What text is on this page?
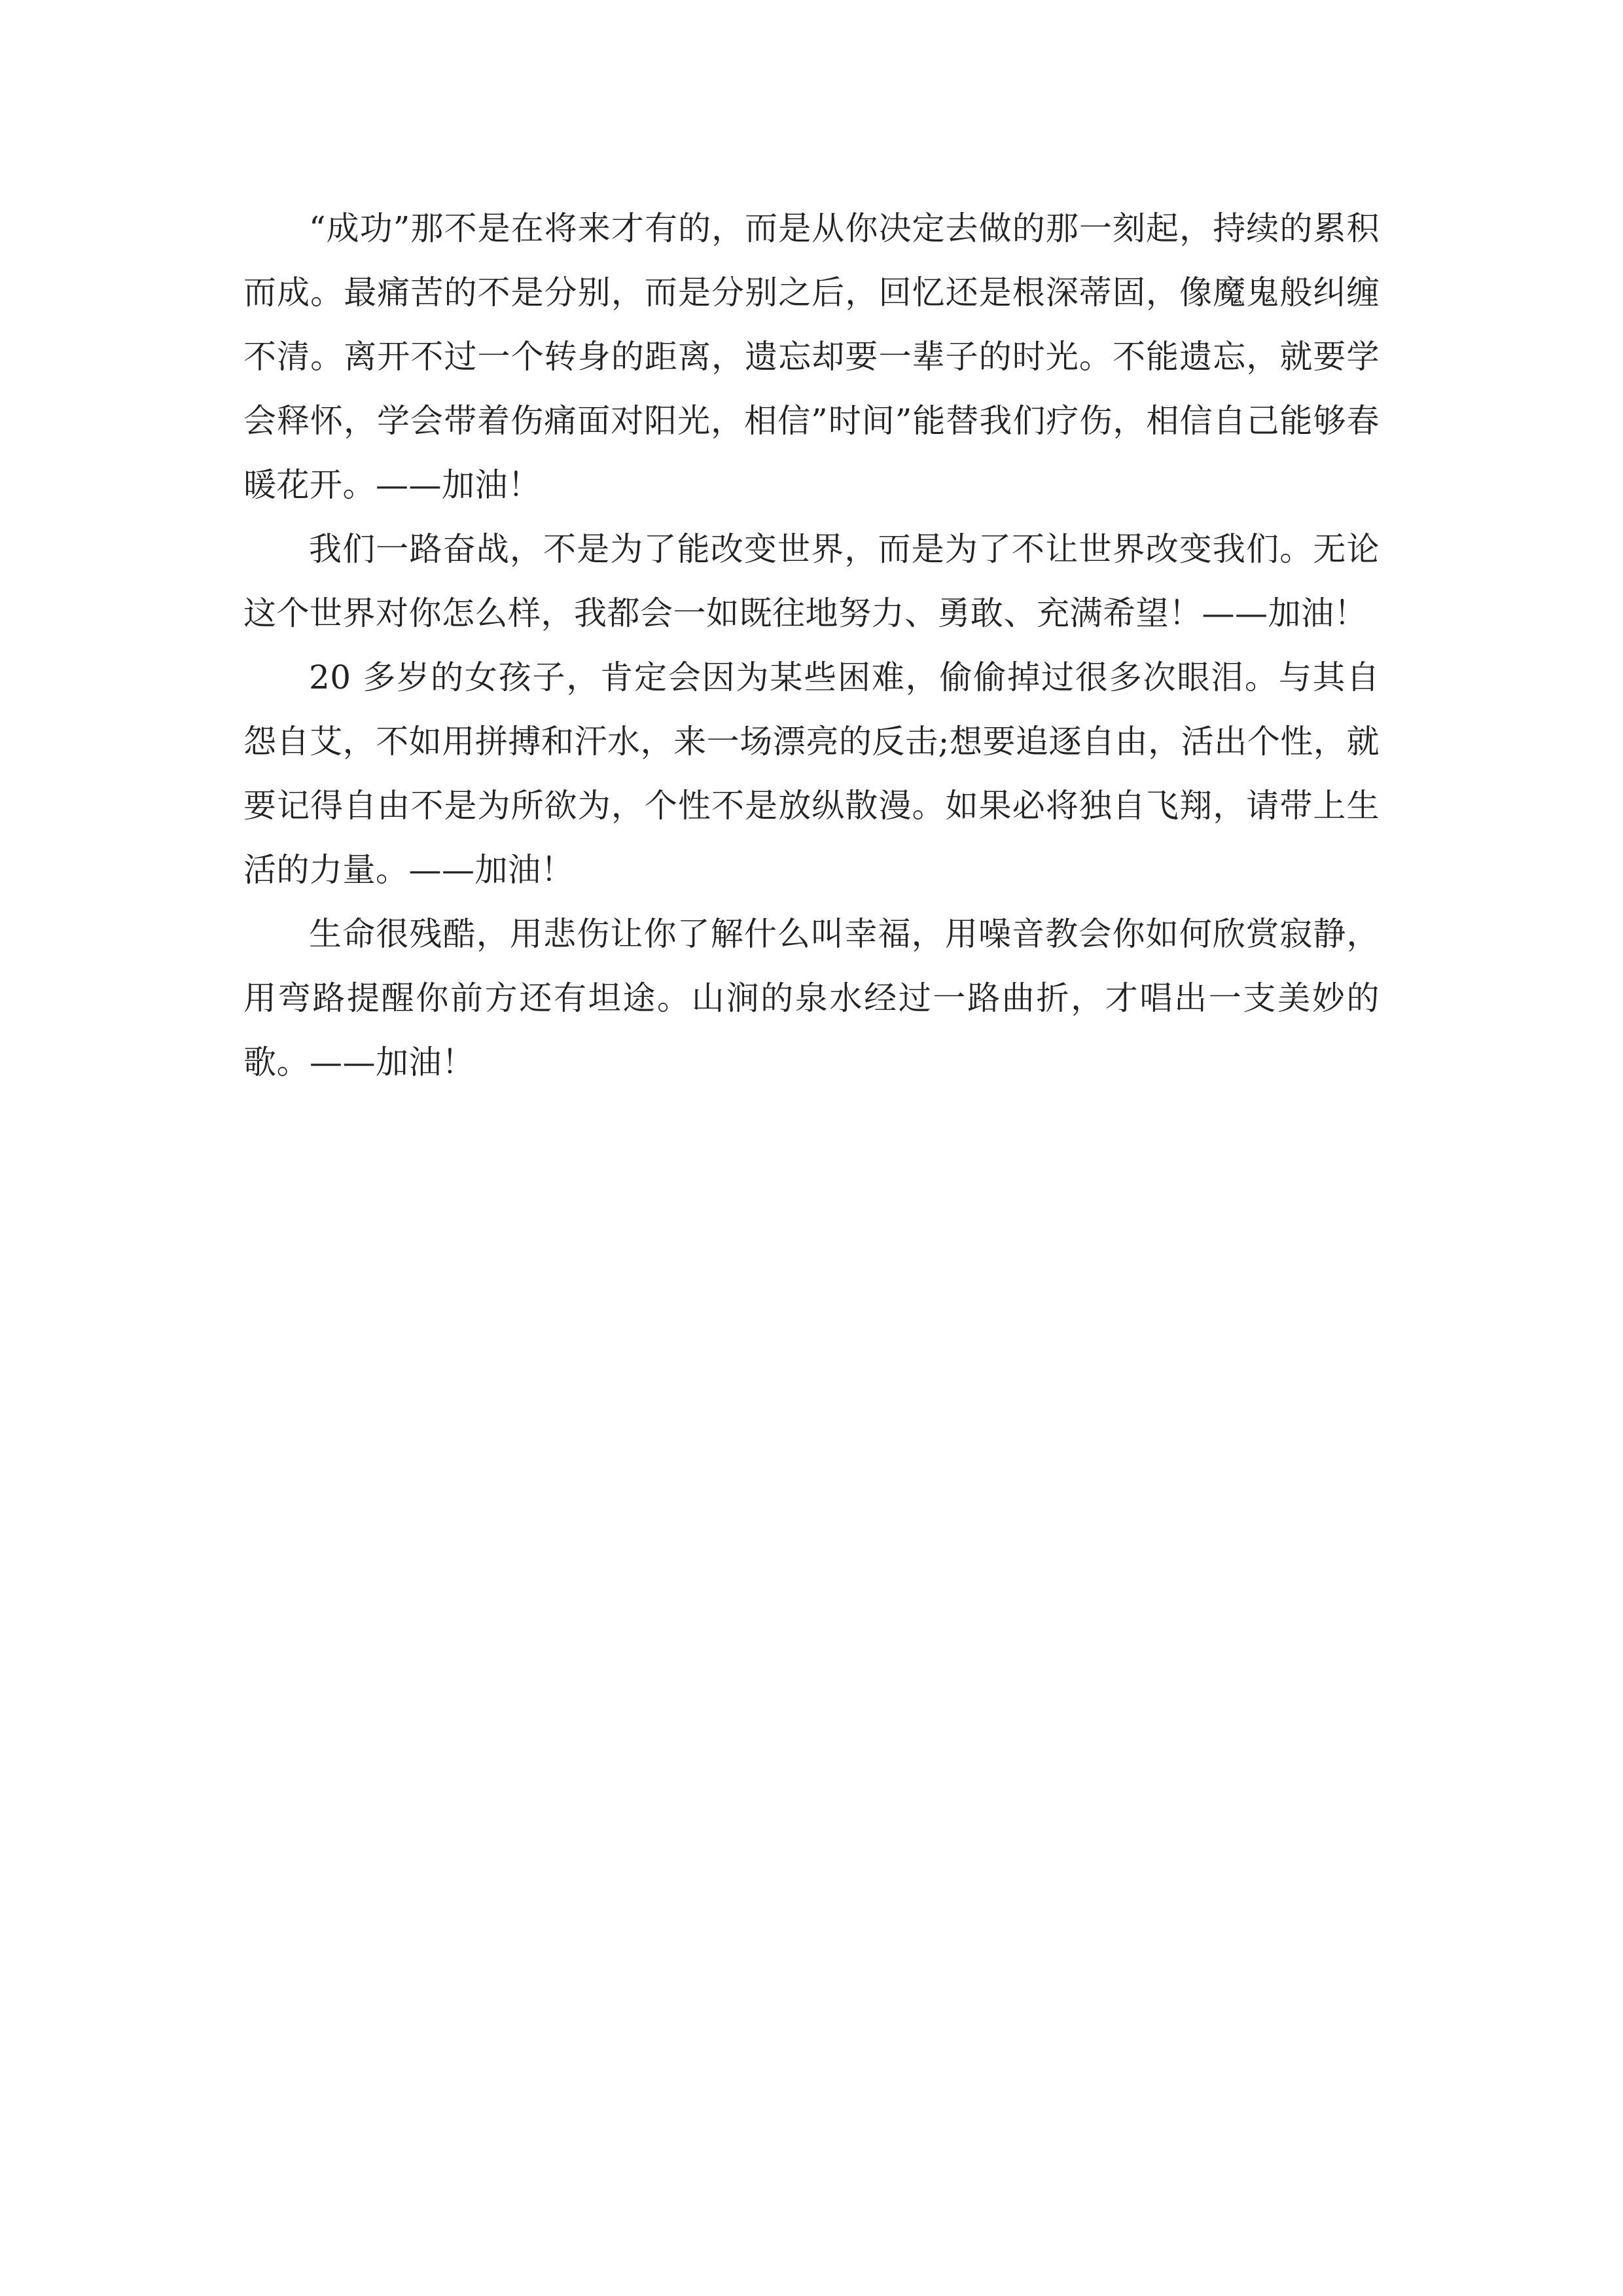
“成功”那不是在将来才有的，而是从你决定去做的那一刻起，持续的累积而成。最痛苦的不是分别，而是分别之后，回忆还是根深蒂固，像魔鬼般纠缠不清。离开不过一个转身的距离，遗忘却要一辈子的时光。不能遗忘，就要学会释怀，学会带着伤痛面对阳光，相信”时间”能替我们疗伤，相信自己能够春暖花开。——加油！

我们一路奋战，不是为了能改变世界，而是为了不让世界改变我们。无论这个世界对你怎么样，我都会一如既往地努力、勇敢、充满希望！——加油！

20 多岁的女孩子，肯定会因为某些困难，偷偷掉过很多次眼泪。与其自怨自艾，不如用拼搏和汗水，来一场漂亮的反击;想要追逐自由，活出个性，就要记得自由不是为所欲为，个性不是放纵散漫。如果必将独自飞翔，请带上生活的力量。——加油！

生命很残酷，用悲伤让你了解什么叫幸福，用噪音教会你如何欣赏寂静，用弯路提醒你前方还有坦途。山涧的泉水经过一路曲折，才唱出一支美妙的歌。——加油！
